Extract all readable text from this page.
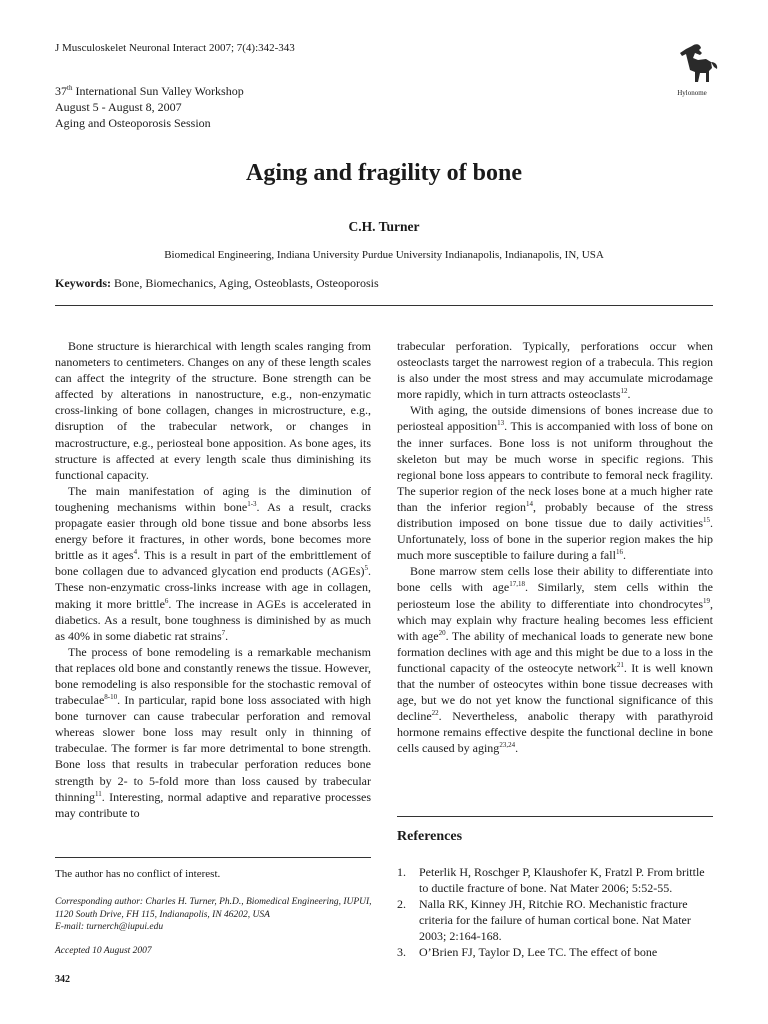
J Musculoskelet Neuronal Interact 2007; 7(4):342-343
37th International Sun Valley Workshop
August 5 - August 8, 2007
Aging and Osteoporosis Session
Hylonome
Aging and fragility of bone
C.H. Turner
Biomedical Engineering, Indiana University Purdue University Indianapolis, Indianapolis, IN, USA
Keywords: Bone, Biomechanics, Aging, Osteoblasts, Osteoporosis

Bone structure is hierarchical with length scales ranging from nanometers to centimeters. Changes on any of these length scales can affect the integrity of the structure. Bone strength can be affected by alterations in nanostructure, e.g., non-enzymatic cross-linking of bone collagen, changes in microstructure, e.g., disruption of the trabecular network, or changes in macrostructure, e.g., periosteal bone apposition. As bone ages, its structure is affected at every length scale thus diminishing its functional capacity.

The main manifestation of aging is the diminution of toughening mechanisms within bone$^{1-3}$. As a result, cracks propagate easier through old bone tissue and bone absorbs less energy before it fractures, in other words, bone becomes more brittle as it ages$^4$. This is a result in part of the embrittlement of bone collagen due to advanced glycation end products (AGEs)$^5$. These non-enzymatic cross-links increase with age in collagen, making it more brittle$^6$. The increase in AGEs is accelerated in diabetics. As a result, bone toughness is diminished by as much as 40% in some diabetic rat strains$^7$.

The process of bone remodeling is a remarkable mechanism that replaces old bone and constantly renews the tissue. However, bone remodeling is also responsible for the stochastic removal of trabeculae$^{8-10}$. In particular, rapid bone loss associated with high bone turnover can cause trabecular perforation and removal whereas slower bone loss may result only in thinning of trabeculae. The former is far more detrimental to bone strength. Bone loss that results in trabecular perforation reduces bone strength by 2- to 5-fold more than loss caused by trabecular thinning$^{11}$. Interesting, normal adaptive and reparative processes may contribute to

trabecular perforation. Typically, perforations occur when osteoclasts target the narrowest region of a trabecula. This region is also under the most stress and may accumulate microdamage more rapidly, which in turn attracts osteoclasts$^{12}$.

With aging, the outside dimensions of bones increase due to periosteal apposition$^{13}$. This is accompanied with loss of bone on the inner surfaces. Bone loss is not uniform throughout the skeleton but may be much worse in specific regions. This regional bone loss appears to contribute to femoral neck fragility. The superior region of the neck loses bone at a much higher rate than the inferior region$^{14}$, probably because of the stress distribution imposed on bone tissue due to daily activities$^{15}$. Unfortunately, loss of bone in the superior region makes the hip much more susceptible to failure during a fall$^{16}$.

Bone marrow stem cells lose their ability to differentiate into bone cells with age$^{17,18}$. Similarly, stem cells within the periosteum lose the ability to differentiate into chondrocytes$^{19}$, which may explain why fracture healing becomes less efficient with age$^{20}$. The ability of mechanical loads to generate new bone formation declines with age and this might be due to a loss in the functional capacity of the osteocyte network$^{21}$. It is well known that the number of osteocytes within bone tissue decreases with age, but we do not yet know the functional significance of this decline$^{22}$. Nevertheless, anabolic therapy with parathyroid hormone remains effective despite the functional decline in bone cells caused by aging$^{23,24}$.

References
1. Peterlik H, Roschger P, Klaushofer K, Fratzl P. From brittle to ductile fracture of bone. Nat Mater 2006; 5:52-55.
2. Nalla RK, Kinney JH, Ritchie RO. Mechanistic fracture criteria for the failure of human cortical bone. Nat Mater 2003; 2:164-168.
3. O’Brien FJ, Taylor D, Lee TC. The effect of bone
The author has no conflict of interest.
Corresponding author: Charles H. Turner, Ph.D., Biomedical Engineering, IUPUI,
1120 South Drive, FH 115, Indianapolis, IN 46202, USA
E-mail: turnerch@iupui.edu
Accepted 10 August 2007
342
